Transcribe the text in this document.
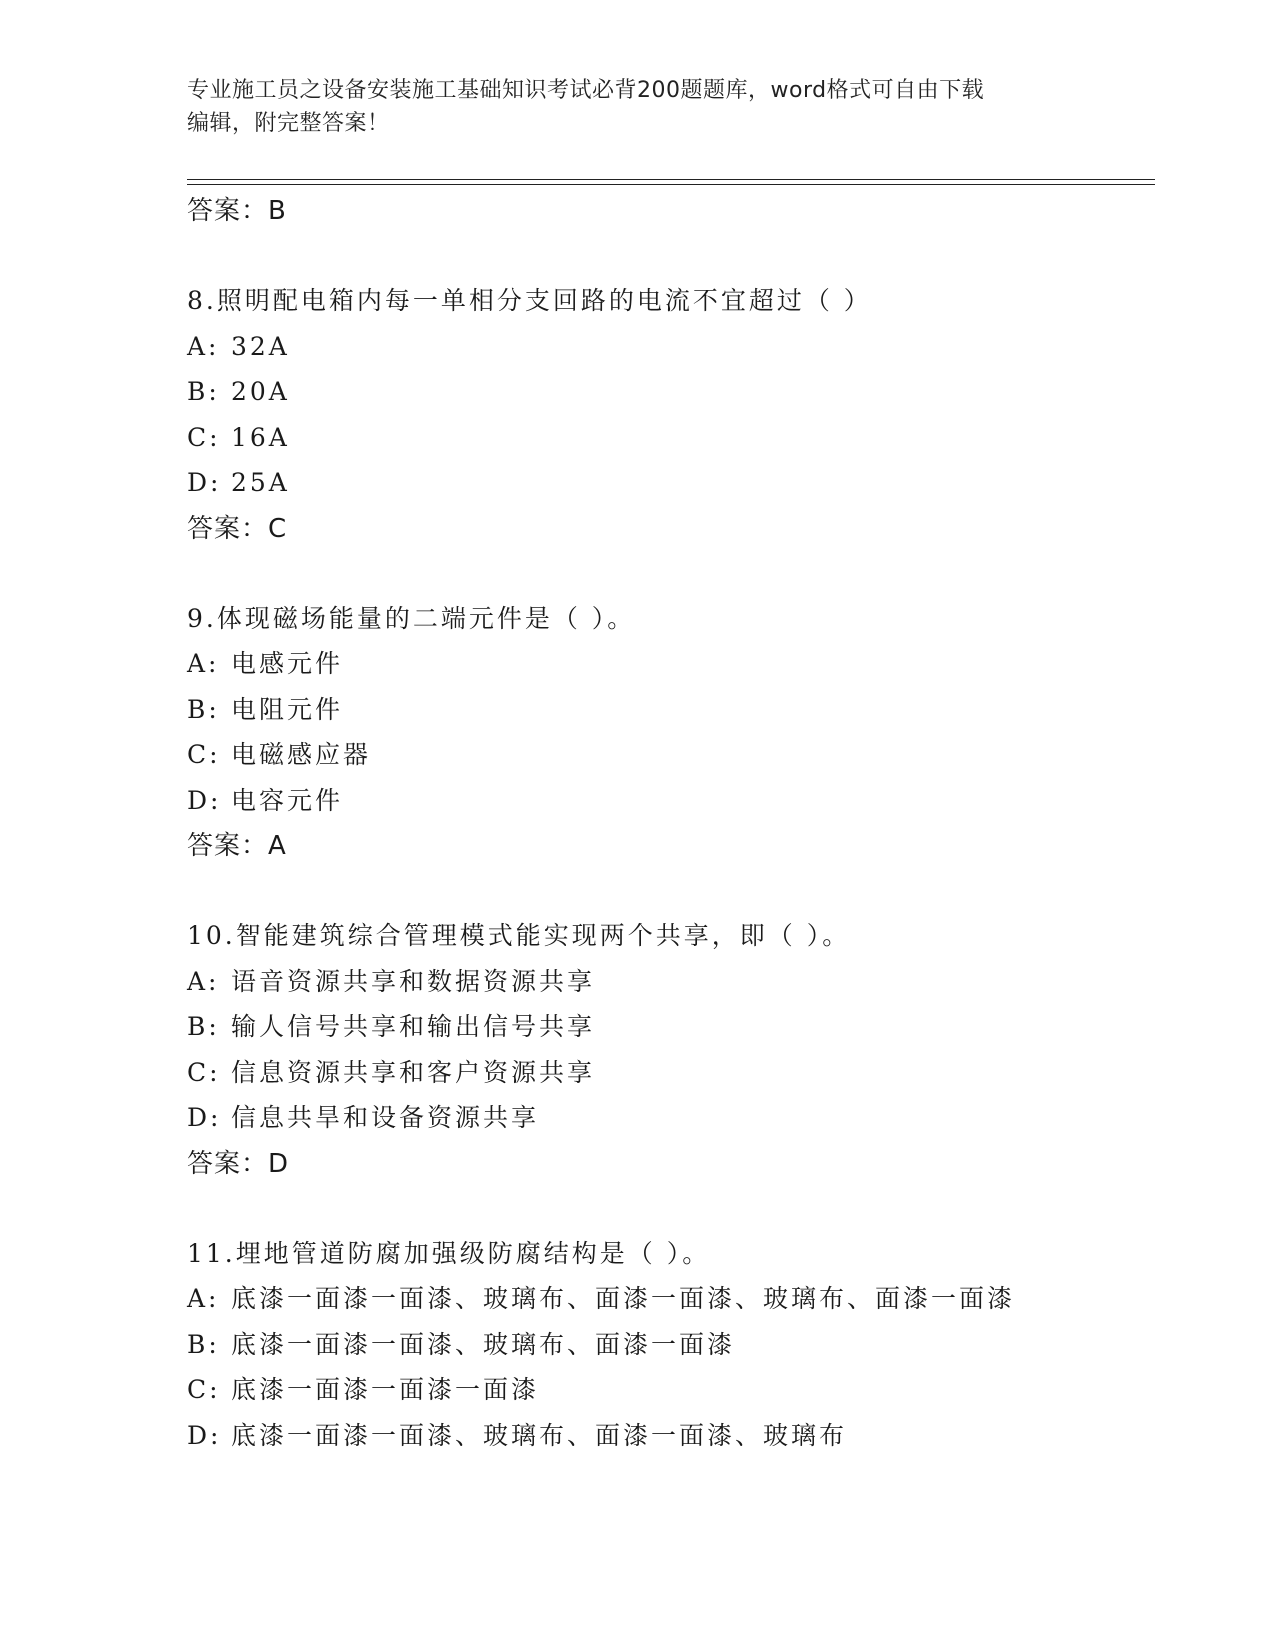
专业施工员之设备安装施工基础知识考试必背200题题库，word格式可自由下载
编辑，附完整答案！
答案：B
8.照明配电箱内每一单相分支回路的电流不宜超过（ ）
A: 32A
B: 20A
C: 16A
D: 25A
答案：C
9.体现磁场能量的二端元件是（ ）。
A: 电感元件
B: 电阻元件
C: 电磁感应器
D: 电容元件
答案：A
10.智能建筑综合管理模式能实现两个共享，即（ ）。
A: 语音资源共享和数据资源共享
B: 输人信号共享和输出信号共享
C: 信息资源共享和客户资源共享
D: 信息共旱和设备资源共享
答案：D
11.埋地管道防腐加强级防腐结构是（ ）。
A: 底漆一面漆一面漆、玻璃布、面漆一面漆、玻璃布、面漆一面漆
B: 底漆一面漆一面漆、玻璃布、面漆一面漆
C: 底漆一面漆一面漆一面漆
D: 底漆一面漆一面漆、玻璃布、面漆一面漆、玻璃布
